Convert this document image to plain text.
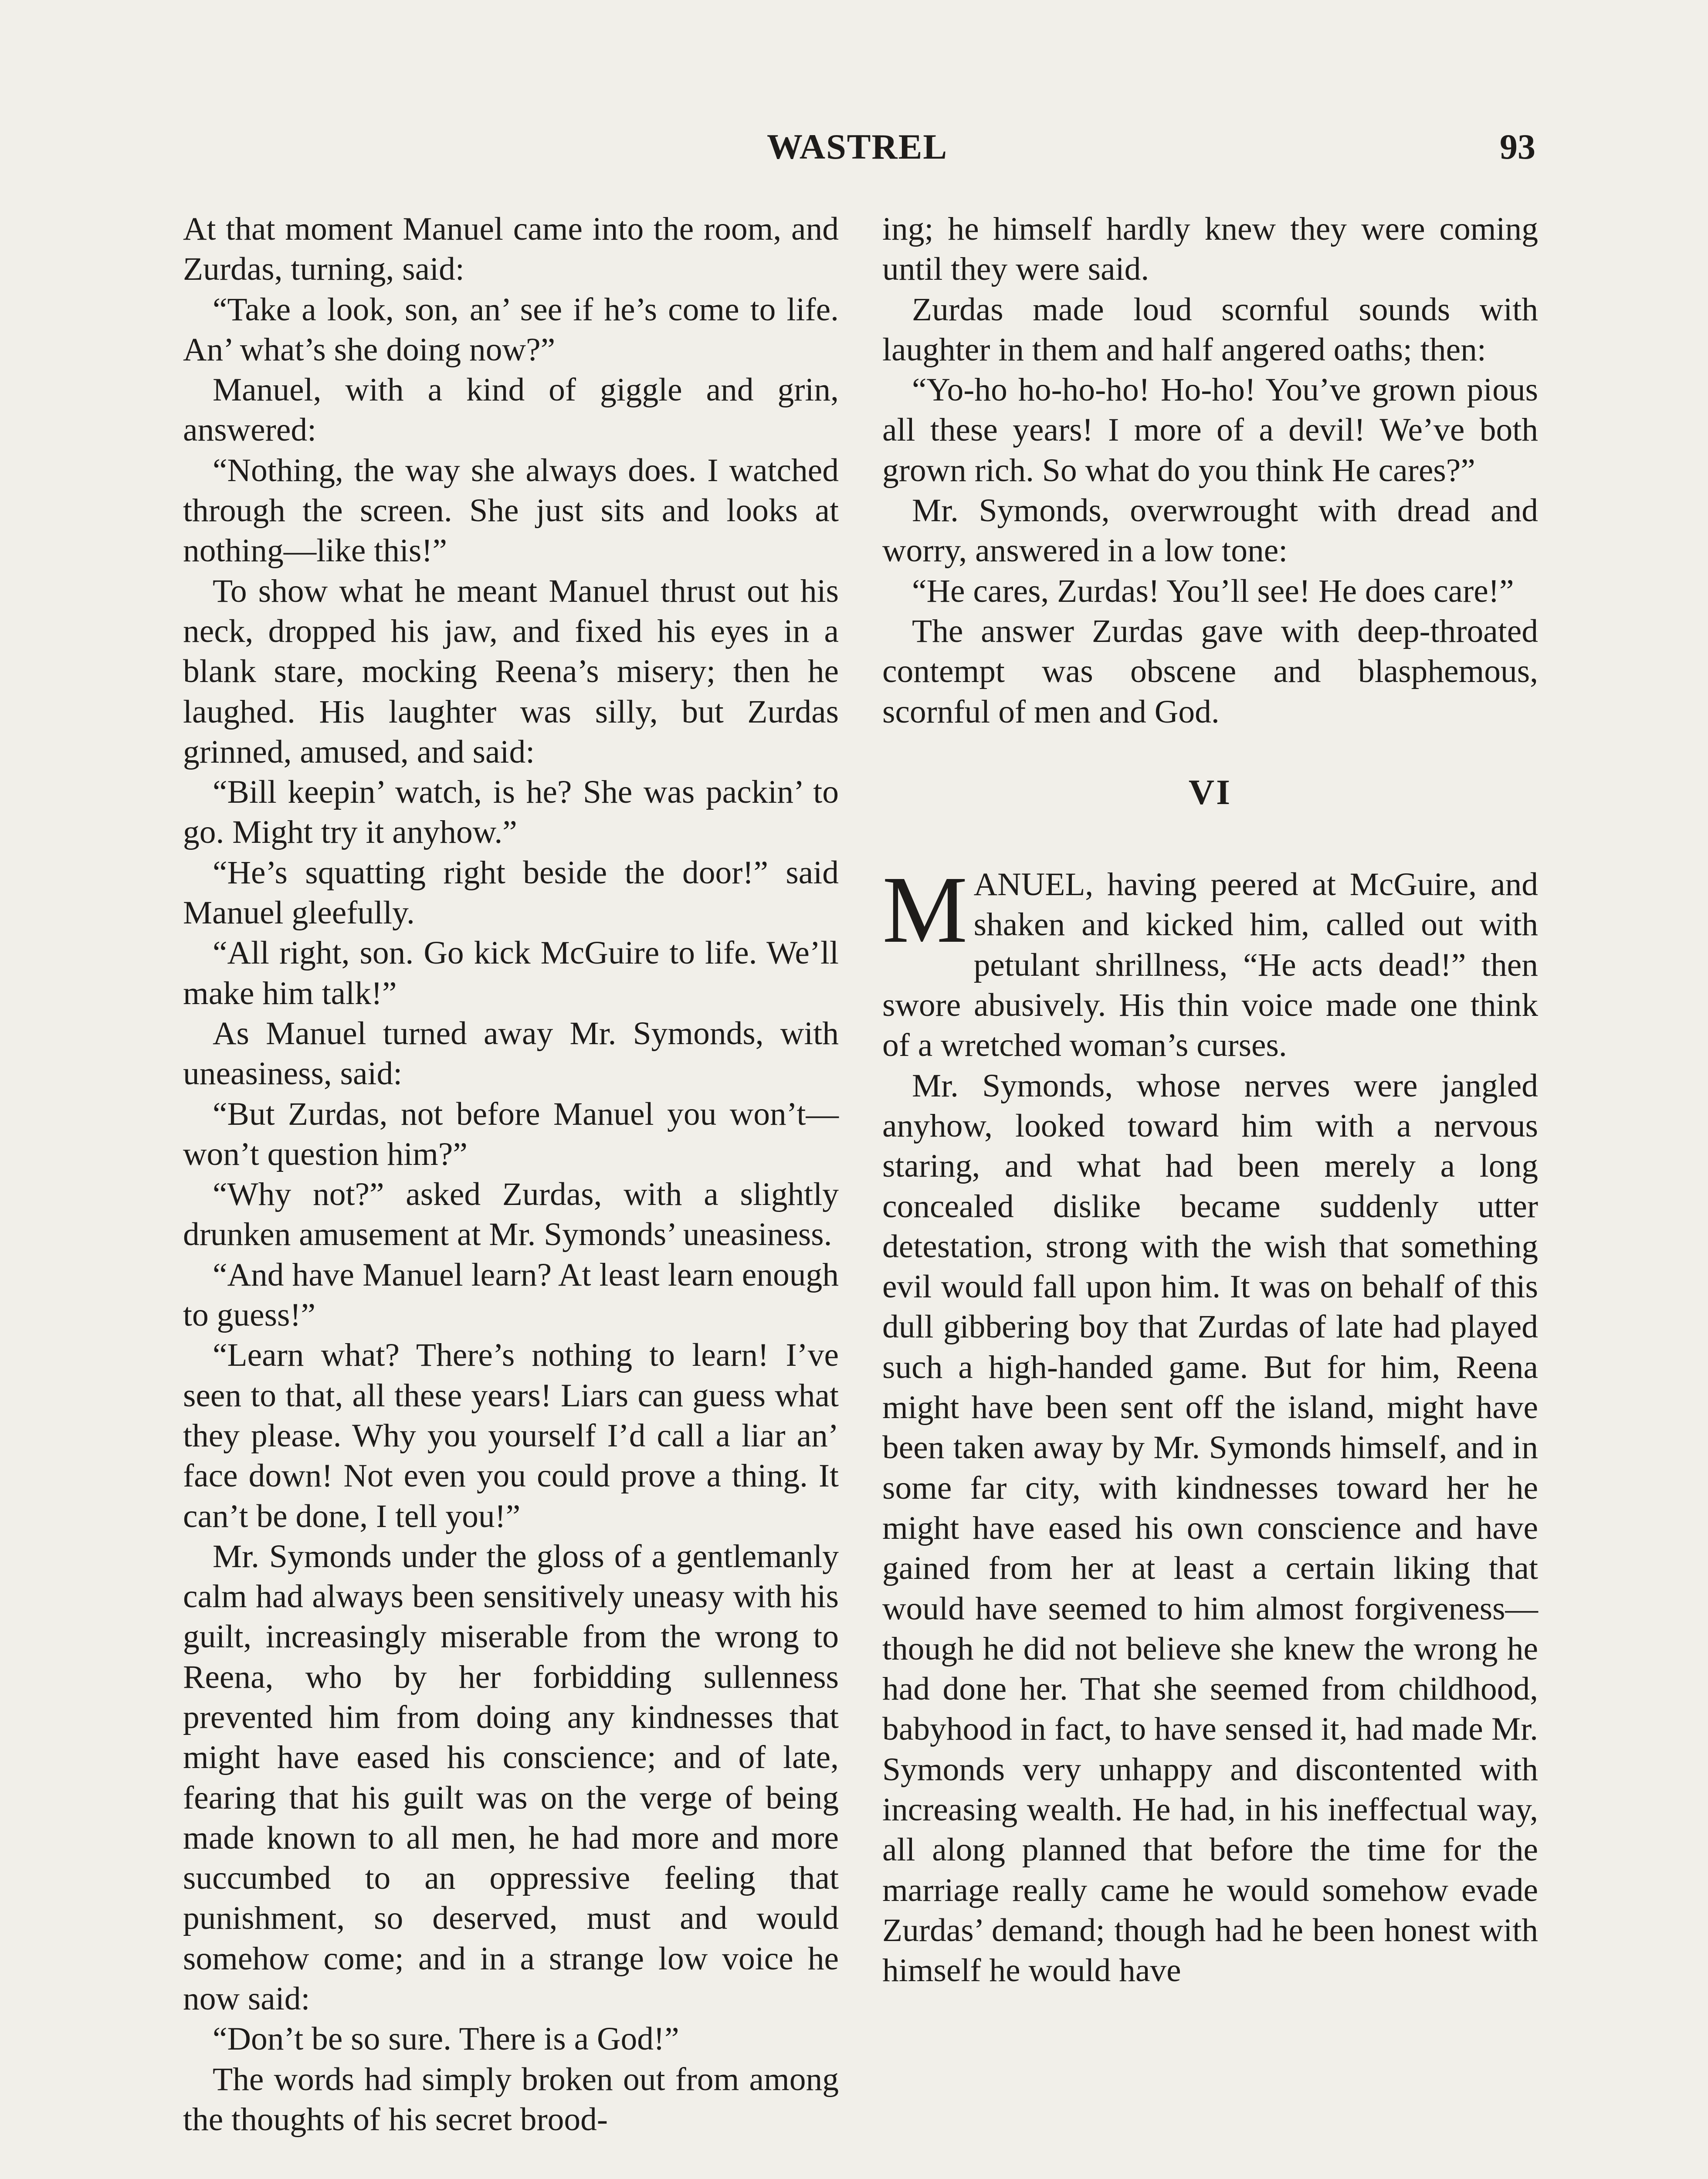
WASTREL	93

At that moment Manuel came into the room, and Zurdas, turning, said:

“Take a look, son, an’ see if he’s come to life. An’ what’s she doing now?”

Manuel, with a kind of giggle and grin, answered:

“Nothing, the way she always does. I watched through the screen. She just sits and looks at nothing—like this!”

To show what he meant Manuel thrust out his neck, dropped his jaw, and fixed his eyes in a blank stare, mocking Reena’s misery; then he laughed. His laughter was silly, but Zurdas grinned, amused, and said:

“Bill keepin’ watch, is he? She was packin’ to go. Might try it anyhow.”

“He’s squatting right beside the door!” said Manuel gleefully.

“All right, son. Go kick McGuire to life. We’ll make him talk!”

As Manuel turned away Mr. Symonds, with uneasiness, said:

“But Zurdas, not before Manuel you won’t—won’t question him?”

“Why not?” asked Zurdas, with a slightly drunken amusement at Mr. Symonds’ uneasiness.

“And have Manuel learn? At least learn enough to guess!”

“Learn what? There’s nothing to learn! I’ve seen to that, all these years! Liars can guess what they please. Why you yourself I’d call a liar an’ face down! Not even you could prove a thing. It can’t be done, I tell you!”

Mr. Symonds under the gloss of a gentlemanly calm had always been sensitively uneasy with his guilt, increasingly miserable from the wrong to Reena, who by her forbidding sullenness prevented him from doing any kindnesses that might have eased his conscience; and of late, fearing that his guilt was on the verge of being made known to all men, he had more and more succumbed to an oppressive feeling that punishment, so deserved, must and would somehow come; and in a strange low voice he now said:

“Don’t be so sure. There is a God!”

The words had simply broken out from among the thoughts of his secret brood-

ing; he himself hardly knew they were coming until they were said.

Zurdas made loud scornful sounds with laughter in them and half angered oaths; then:

“Yo-ho ho-ho-ho! Ho-ho! You’ve grown pious all these years! I more of a devil! We’ve both grown rich. So what do you think He cares?”

Mr. Symonds, overwrought with dread and worry, answered in a low tone:

“He cares, Zurdas! You’ll see! He does care!”

The answer Zurdas gave with deep-throated contempt was obscene and blasphemous, scornful of men and God.

VI

MANUEL, having peered at McGuire, and shaken and kicked him, called out with petulant shrillness, “He acts dead!” then swore abusively. His thin voice made one think of a wretched woman’s curses.

Mr. Symonds, whose nerves were jangled anyhow, looked toward him with a nervous staring, and what had been merely a long concealed dislike became suddenly utter detestation, strong with the wish that something evil would fall upon him. It was on behalf of this dull gibbering boy that Zurdas of late had played such a high-handed game. But for him, Reena might have been sent off the island, might have been taken away by Mr. Symonds himself, and in some far city, with kindnesses toward her he might have eased his own conscience and have gained from her at least a certain liking that would have seemed to him almost forgiveness—though he did not believe she knew the wrong he had done her. That she seemed from childhood, babyhood in fact, to have sensed it, had made Mr. Symonds very unhappy and discontented with increasing wealth. He had, in his ineffectual way, all along planned that before the time for the marriage really came he would somehow evade Zurdas’ demand; though had he been honest with himself he would have
